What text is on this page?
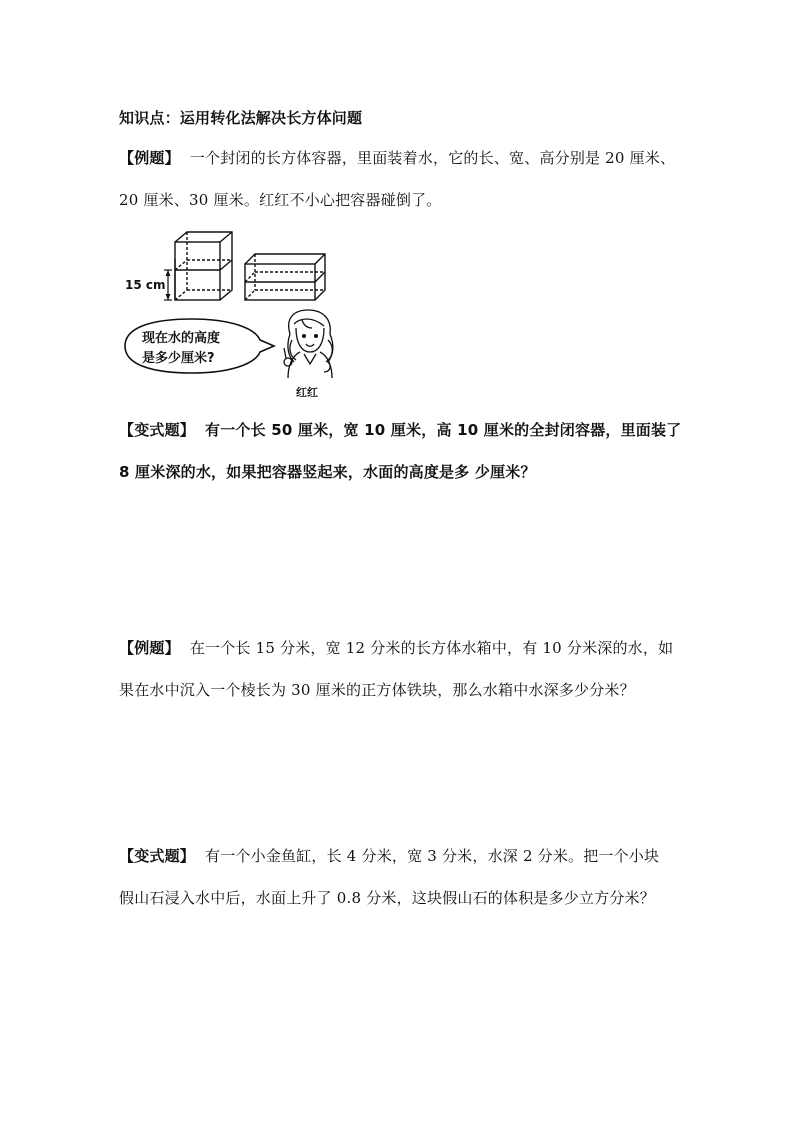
知识点：运用转化法解决长方体问题
【例题】 一个封闭的长方体容器，里面装着水，它的长、宽、高分别是 20 厘米、
20 厘米、30 厘米。红红不小心把容器碰倒了。
15 cm
现在水的高度
是多少厘米?
红红
【变式题】 有一个长 50 厘米，宽 10 厘米，高 10 厘米的全封闭容器，里面装了
8 厘米深的水，如果把容器竖起来，水面的高度是多 少厘米？
【例题】 在一个长 15 分米，宽 12 分米的长方体水箱中，有 10 分米深的水，如
果在水中沉入一个棱长为 30 厘米的正方体铁块，那么水箱中水深多少分米？
【变式题】 有一个小金鱼缸，长 4 分米，宽 3 分米，水深 2 分米。把一个小块
假山石浸入水中后，水面上升了 0.8 分米，这块假山石的体积是多少立方分米？
